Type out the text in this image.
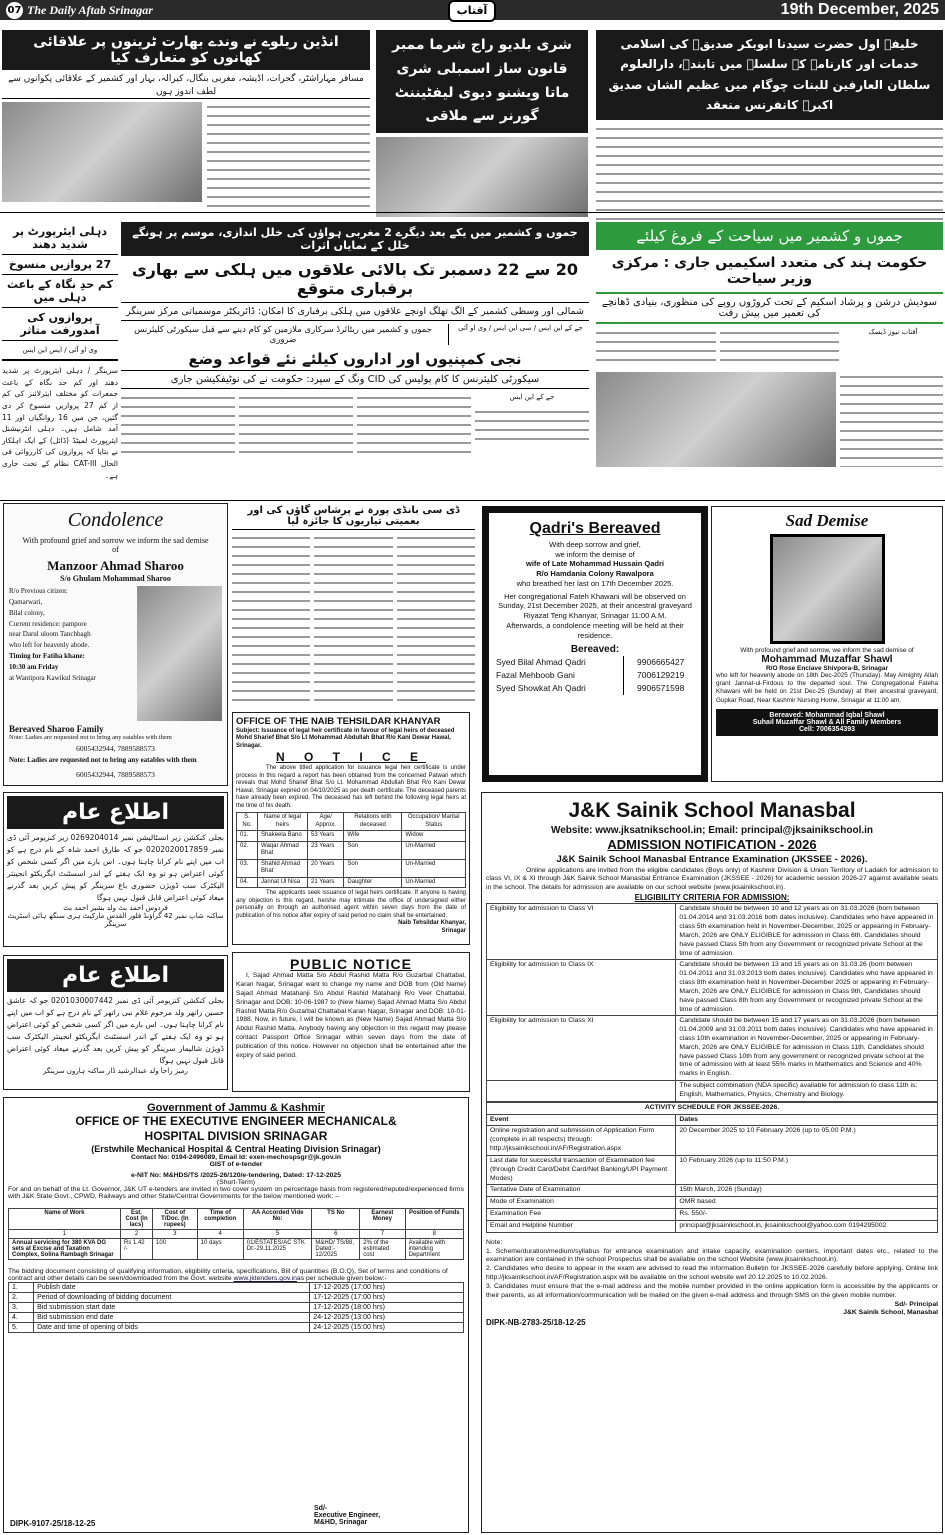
07 The Daily Aftab Srinagar	19th December, 2025
آفتاب
انڈین ریلوے نے وندے بھارت ٹرینوں پر علاقائی کھانوں کو متعارف کیا
مسافر مہاراشٹر، گجرات، اڈیشہ، مغربی بنگال، کیرالہ، بہار اور کشمیر کے علاقائی پکوانوں سے لطف اندوز ہوں
شری بلدیو راج شرما ممبر قانون ساز اسمبلی شری ماتا ویشنو دیوی لیفٹیننٹ گورنر سے ملاقی
خلیفہ اول حضرت سیدنا ابوبکر صدیقؓ کی اسلامی خدمات اور کارنامے کے سلسلے میں تابندہ، دارالعلوم سلطان العارفین للبنات چوگام میں عظیم الشان صدیق اکبرؓ کانفرنس منعقد
دہلی ایئرپورٹ پر شدید دھند
27 پروازیں منسوخ
کم حدِ نگاہ کے باعث دہلی میں
پروازوں کی آمدورفت متاثر
وی او آئی / ایس این ایس
سرینگر / دہلی ایئرپورٹ پر شدید دھند اور کم حد نگاہ کے باعث جمعرات کو مختلف ایئرلائنز کی کم از کم 27 پروازیں منسوخ کر دی گئیں، جن میں 16 روانگیاں اور 11 آمد شامل ہیں۔ دہلی انٹرنیشنل ایئرپورٹ لمیٹڈ (ڈائل) کے ایک اہلکار نے بتایا کہ پروازوں کی کارروائی فی الحال CAT-III نظام کے تحت جاری ہے۔
جموں و کشمیر میں یکے بعد دیگرے 2 مغربی ہواؤں کی خلل اندازی، موسم پر ہونگے خلل کے نمایاں اثرات
20 سے 22 دسمبر تک بالائی علاقوں میں ہلکی سے بھاری برفباری متوقع
شمالی اور وسطی کشمیر کے الگ تھلگ اونچے علاقوں میں ہلکی برفباری کا امکان: ڈائریکٹر موسمیاتی مرکز سرینگر
جموں و کشمیر میں ریٹائرڈ سرکاری ملازمین کو کام دینے سے قبل سیکورٹی کلیئرنس ضروری
جے کے این ایس / سی این ایس / وی او آئی
نجی کمپنیوں اور اداروں کیلئے نئے قواعد وضع
سیکورٹی کلیئرنس کا کام پولیس کی CID ونگ کے سپرد: حکومت نے کی نوٹیفکیشن جاری
جے کے این ایس
جموں و کشمیر میں سیاحت کے فروغ کیلئے
حکومت ہند کی متعدد اسکیمیں جاری : مرکزی وزیر سیاحت
سودیش درشن و پرشاد اسکیم کے تحت کروڑوں روپے کی منظوری، بنیادی ڈھانچے کی تعمیر میں پیش رفت
آفتاب نیوز ڈیسک
Condolence
With profound grief and sorrow we inform the sad demise of
Manzoor Ahmad Sharoo
S/o Ghulam Mohammad Sharoo
R/o Previous citizen:
Qamarwari,
Bilal colony,
Current residence: pampore
near Darul uloom Tanchbagh
who left for heavenly abode.
Timing for Fatiha khane:
10:30 am Friday
at Wantipora Kawikul Srinagar
Bereaved Sharoo Family
Note: Ladies are requested not to bring any eatables with them
6005432944, 7889588573
Note: Ladies are requested not to bring any eatables with them
6005432944, 7889588573
ڈی سی بانڈی پورہ نے پرشاس گاؤں کی اور بعمیتی تیاریوں کا جائزہ لیا	Qadri's Bereaved
With deep sorrow and grief,
we inform the demise of
wife of Late Mohammad Hussain Qadri
R/o Hamdania Colony Rawalpora
who breathed her last on 17th December 2025.
Her congregational Fateh Khawani will be observed on Sunday, 21st December 2025, at their ancestral graveyard Riyazat Teng Khanyar, Srinagar 11:00 A.M.
Afterwards, a condolence meeting will be held at their residence.
Bereaved:
Syed Bilal Ahmad Qadri	9906665427
Fazal Mehboob Gani	7006129219
Syed Showkat Ah Qadri	9906571598
Sad Demise
With profound grief and sorrow, we inform the sad demise of
Mohammad Muzaffar Shawl
R/O Rose Enclave Shivpora-B, Srinagar
who left for heavenly abode on 18th Dec-2025 (Thursday). May Almighty Allah grant Jannat-ul-Firdous to the departed soul. The Congregational Fateha Khawani will be held on 21st Dec-25 (Sunday) at their ancestral graveyard, Gupkar Road, Near Kashmir Nursing Home, Srinagar at 11:00 am.
Bereaved: Mohammad Iqbal Shawl
Suhail Muzaffar Shawl & All Family Members
Cell: 7006354393
اطلاع عام
بجلی کنکشن زیر انسٹالیشن نمبر 0269204014 زیر کنزیومر آئی ڈی نمبر 0202020017859 جو کہ طارق احمد شاہ کے نام درج ہے کو اب میں اپنے نام کرانا چاہتا ہوں۔ اس بارے میں اگر کسی شخص کو کوئی اعتراض ہو تو وہ ایک ہفتے کے اندر اسسٹنٹ ایگزیکٹو انجینئر الیکٹرک سب ڈویژن حضوری باغ سرینگر کو پیش کریں بعد گذرنے میعاد کوئی اعتراض قابل قبول نہیں ہوگا
فردوس احمد بٹ ولد بشیر احمد بٹ
ساکنہ شاپ نمبر 42 گراؤنڈ فلور القدس مارکیٹ ہری سنگھ ہائی اسٹریٹ سرینگر
اطلاع عام
بجلی کنکشن کنزیومر آئی ڈی نمبر 0201030007442 جو کہ عاشق حسین راتھر ولد مرحوم غلام نبی راتھر کے نام درج ہے کو اب میں اپنے نام کرانا چاہتا ہوں۔ اس بارے میں اگر کسی شخص کو کوئی اعتراض ہو تو وہ ایک ہفتے کے اندر اسسٹنٹ ایگزیکٹو انجینئر الیکٹرک سب ڈویژن شالیمار سرینگر کو پیش کریں بعد گذرنے میعاد کوئی اعتراض قابل قبول نہیں ہوگا
رمیز راجا ولد عبدالرشید ڈار ساکنہ ہارون سرینگر
OFFICE OF THE NAIB TEHSILDAR KHANYAR
Subject: Issuance of legal heir certificate in favour of legal heirs of deceased Mohd Sharief Bhat S/o Lt Mohammad Abdullah Bhat R/o Kani Dewar Hawal, Srinagar.
N O T I C E
The above titled application for issuance legal heir certificate is under process In this regard a report has been obtained from the concerned Patwari which reveals that Mohd Sharief Bhat S/o Lt. Mohammad Abdullah Bhat R/o Kani Dewar Hawal, Srinagar expired on 04/10/2025 as per death certificate. The deceased parents have already been expired. The deceased has left behind the following legal heirs at the time of his death.
S. No.	Name of legal heirs	Age/ Approx.	Relations with deceased	Occupation/ Marital Status
01.	Shakeela Bano	53 Years	Wife	Widow
02.	Waqar Ahmad Bhat	23 Years	Son	Un-Married
03.	Shahid Ahmad Bhat	20 Years	Son	Un-Married
04.	Jannat Ul Nisa	21 Years	Daughter	Un-Married
The applicants seek issuance of legal heirs certificate. If anyone is having any objection is this regard, he/she may intimate the office of undersigned either personally on through an authorised agent within seven days from the date of publication of his notice after expiry of said period no claim shall be entertained.
Naib Tehsildar Khanyar,
Srinagar
PUBLIC NOTICE
I, Sajad Ahmad Matta S/o Abdul Rashid Matta R/o Guzarbal Chattabal, Karan Nagar, Srinagar want to change my name and DOB from (Old Name) Sajad Ahmad Matahanji S/o Abdul Rashid Matahanji R/o Veer Chattabal, Srinagar and DOB: 10-06-1987 to (New Name) Sajad Ahmad Matta S/o Abdul Rashid Matta R/o Guzarbal Chattabal Karan Nagar, Srinagar and DOB: 10-01-1988. Now, in future, I will be known as (New Name) Sajad Ahmad Matta S/o Abdul Rashid Matta. Anybody having any objection in this regard may please contact Passport Office Srinagar within seven days from the date of publication of this notice. However no objection shall be entertained after the expiry of said period.
Government of Jammu & Kashmir
OFFICE OF THE EXECUTIVE ENGINEER MECHANICAL& HOSPITAL DIVISION SRINAGAR
(Erstwhile Mechanical Hospital & Central Heating Division Srinagar)
Contact No: 0194-2496089, Email Id: exen-mechospsgr@jk.gov.in
GIST of e-tender
e-NIT No: M&HDS/TS /2025-26/120/e-tendering, Dated: 17-12-2025
(Short-Term)
For and on behalf of the Lt. Governor, J&K UT e-tenders are invited in two cover system on percentage basis from registered/reputed/experienced firms with J&K State Govt., CPWD, Railways and other State/Central Governments for the below mentioned work: --
Name of Work	Est. Cost (In lacs)	Cost of T/Doc. (In rupees)	Time of completion	AA Accorded Vide No:	TS No	Earnest Money	Position of Funds
1	2	3	4	5	6	7	8
Annual servicing for 380 KVA DG sets at Excise and Taxation Complex, Solina Rambagh Srinagar	Rs 1.42 /-	100	10 days	01/ESTATES/AC STK Dt:-29.11.2025	M&HD/ TS/88, Dated:- 12/2025	2% of the estimated cost	Available with intending Department
The bidding document consisting of qualifying information, eligibility criteria, specifications, Bill of quantities (B.O.Q), Set of terms and conditions of contract and other details can be seen/downloaded from the Govt. website www.jktenders.gov.inas per schedule given below:-
1.	Publish date	17-12-2025 (17:00 hrs)
2.	Period of downloading of bidding document	17-12-2025 (17:00 hrs)
3.	Bid submission start date	17-12-2025 (18:00 hrs)
4.	Bid submission end date	24-12-2025 (13:00 hrs)
5.	Date and time of opening of bids	24-12-2025 (15:00 hrs)
Sd/-
Executive Engineer,
M&HD, Srinagar
DIPK-9107-25/18-12-25
J&K Sainik School Manasbal
Website: www.jksatnikschool.in; Email: principal@jksainikschool.in
ADMISSION NOTIFICATION - 2026
J&K Sainik School Manasbal Entrance Examination (JKSSEE - 2026).
Online applications are invited from the eligible candidates (Boys only) of Kashmir Division & Union Territory of Ladakh for admission to class VI, IX & XI through J&K Sainik School Manasbal Entrance Examination (JKSSEE - 2026) for academic session 2026-27 against available seats in the school. The details for admission are available on our school website (www.jksainikschool.in).
ELIGIBILITY CRITERIA FOR ADMISSION:
Eligibility for admission to Class VI	Candidate should be between 10 and 12 years as on 31.03.2026 (born between 01.04.2014 and 31.03.2016 both dates inclusive). Candidates who have appeared in class 5th examination held in November-December, 2025 or appearing in February-March, 2026 are ONLY ELIGIBLE for admission in Class 6th. Candidates should have passed Class 5th from any Government or recognized private School at the time of admission.
Eligibility for admission to Class IX	Candidate should be between 13 and 15 years as on 31.03.26 (born between 01.04.2011 and 31.03.2013 both dates inclusive). Candidates who have appeared in class 8th examination held in November-December 2025 or appearing in February-March, 2026 are ONLY ELIGIBLE for admission in Class 9th, Candidates should have passed Class 8th from any Government or recognized private School at the time of admission.
Eligibility for admission to Class XI	Candidate should be between 15 and 17 years as on 31.03.2026 (born between 01.04.2009 and 31.03.2011 both dates inclusive). Candidates who have appeared in class 10th examination in November-December, 2025 or appearing in February-March, 2026 are ONLY ELIGIBLE for admission in Class 11th. Candidates should have passed Class 10th from any government or recognized private school at the time of admission with at least 55% marks in Mathematics and Science and 40% marks in English.
	The subject combination (NDA specific) available for admission to class 11th is: English, Mathematics, Physics, Chemistry and Biology.
ACTIVITY SCHEDULE FOR JKSSEE-2026.	
Event	Dates
Online registration and submission of Application Form (complete in all respects) through: http://jksainikschool.in/AF/Registration.aspx	20 December 2025 to 10 February 2026 (up to 05.00 P.M.)
Last date for successful transaction of Examination fee (through Credit Card/Debit Card/Net Banking/UPI Payment Modes)	10 February 2026 (up to 11:50 P.M.)
Tentative Date of Examination	15th March, 2026 (Sunday)
Mode of Examination	OMR based
Examination Fee	Rs. 550/-
Email and Helpline Number	principal@jksainikschool.in, jksainikschool@yahoo.com 0194295002
Note:
1. Scheme/duration/medium/syllabus for entrance examination and intake capacity, examination centers, important dates etc., related to the examination are contained in the school Prospectus shall be available on the school Website (www.jksainikschool.in).
2. Candidates who desire to appear in the exam are advised to read the information Bulletin for JKSSEE-2026 carefully before applying. Online link http://jksainikschool.in/AF/Registration.aspx will be available on the school website wef 20.12.2025 to 10.02.2026.
3. Candidates must ensure that the e-mail address and the mobile number provided in the online application form is accessible by the applicants or their parents, as all information/communication will be mailed on the given e-mail address and through SMS on the given mobile number.
Sd/- Principal
J&K Sainik School, Manasbal
DIPK-NB-2783-25/18-12-25
